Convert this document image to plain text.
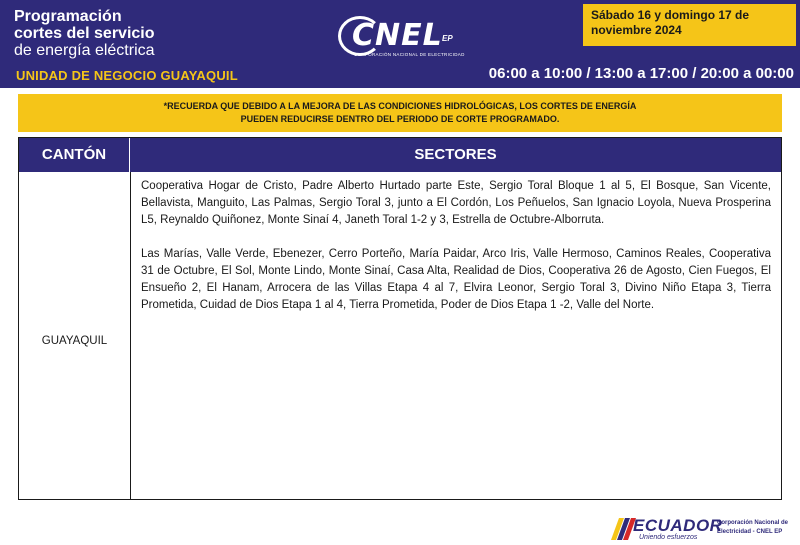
Programación
cortes del servicio
de energía eléctrica
UNIDAD DE NEGOCIO GUAYAQUIL
CNEL EP
CORPORACIÓN NACIONAL DE ELECTRICIDAD
Sábado 16 y domingo 17 de noviembre 2024
06:00 a 10:00 / 13:00 a 17:00 / 20:00 a 00:00
*RECUERDA QUE DEBIDO A LA MEJORA DE LAS CONDICIONES HIDROLÓGICAS, LOS CORTES DE ENERGÍA
PUEDEN REDUCIRSE DENTRO DEL PERIODO DE CORTE PROGRAMADO.
CANTÓN	SECTORES
GUAYAQUIL

Cooperativa Hogar de Cristo, Padre Alberto Hurtado parte Este, Sergio Toral Bloque 1 al 5, El Bosque, San Vicente, Bellavista, Manguito, Las Palmas, Sergio Toral 3, junto a El Cordón, Los Peñuelos, San Ignacio Loyola, Nueva Prosperina L5, Reynaldo Quiñonez, Monte Sinaí 4, Janeth Toral 1-2 y 3, Estrella de Octubre-Alborruta.

Las Marías, Valle Verde, Ebenezer, Cerro Porteño, María Paidar, Arco Iris, Valle Hermoso, Caminos Reales, Cooperativa 31 de Octubre, El Sol, Monte Lindo, Monte Sinaí, Casa Alta, Realidad de Dios, Cooperativa 26 de Agosto, Cien Fuegos, El Ensueño 2, El Hanam, Arrocera de las Villas Etapa 4 al 7, Elvira Leonor, Sergio Toral 3, Divino Niño Etapa 3, Tierra Prometida, Cuidad de Dios Etapa 1 al 4, Tierra Prometida, Poder de Dios Etapa 1 -2, Valle del Norte.

ECUADOR
Uniendo esfuerzos
Corporación Nacional de Electricidad - CNEL EP
